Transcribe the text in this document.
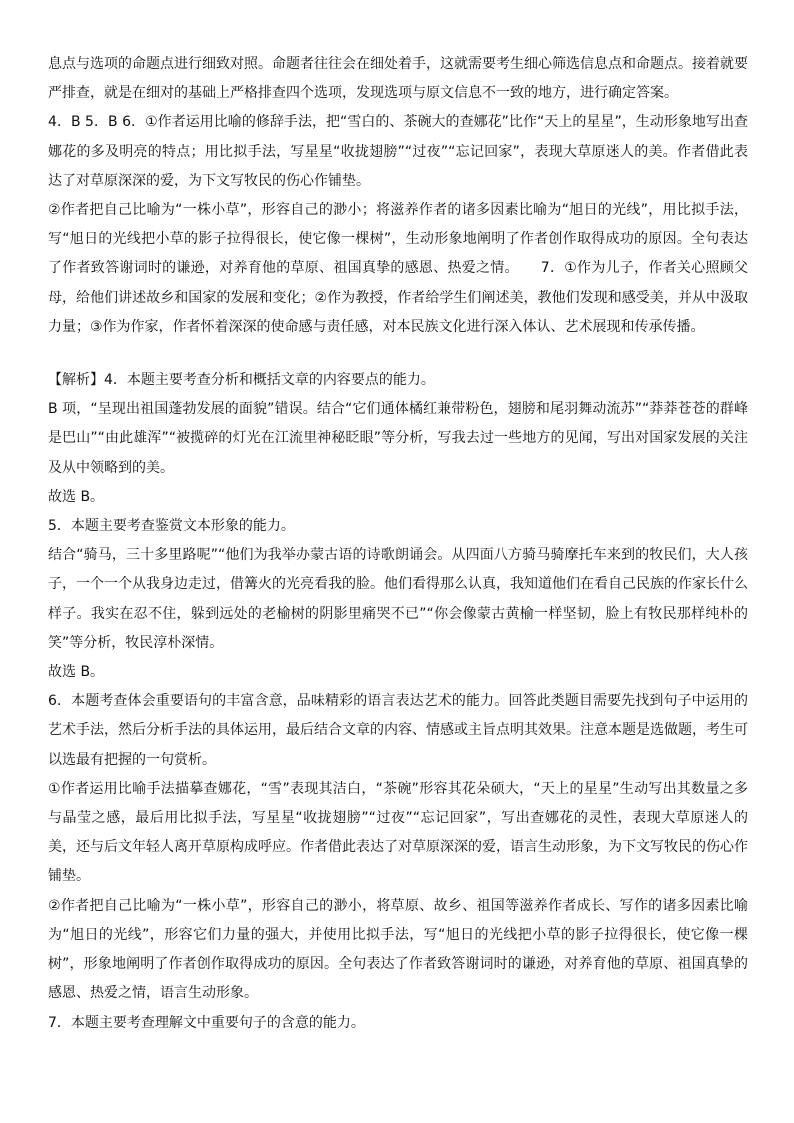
息点与选项的命题点进行细致对照。命题者往往会在细处着手，这就需要考生细心筛选信息点和命题点。接着就要严排查，就是在细对的基础上严格排查四个选项，发现选项与原文信息不一致的地方，进行确定答案。

4．B 5．B 6．①作者运用比喻的修辞手法，把“雪白的、茶碗大的查娜花”比作“天上的星星”，生动形象地写出查娜花的多及明亮的特点；用比拟手法，写星星“收拢翅膀”“过夜”“忘记回家”，表现大草原迷人的美。作者借此表达了对草原深深的爱，为下文写牧民的伤心作铺垫。

②作者把自己比喻为“一株小草”，形容自己的渺小；将滋养作者的诸多因素比喻为“旭日的光线”，用比拟手法，写“旭日的光线把小草的影子拉得很长，使它像一棵树”，生动形象地阐明了作者创作取得成功的原因。全句表达了作者致答谢词时的谦逊，对养育他的草原、祖国真挚的感恩、热爱之情。 7．①作为儿子，作者关心照顾父母，给他们讲述故乡和国家的发展和变化；②作为教授，作者给学生们阐述美，教他们发现和感受美，并从中汲取力量；③作为作家，作者怀着深深的使命感与责任感，对本民族文化进行深入体认、艺术展现和传承传播。

【解析】4．本题主要考查分析和概括文章的内容要点的能力。

B 项，“呈现出祖国蓬勃发展的面貌”错误。结合“它们通体橘红兼带粉色，翅膀和尾羽舞动流苏”“莽莽苍苍的群峰是巴山”“由此雄浑”“被揽碎的灯光在江流里神秘眨眼”等分析，写我去过一些地方的见闻，写出对国家发展的关注及从中领略到的美。

故选 B。

5．本题主要考查鉴赏文本形象的能力。

结合“骑马，三十多里路呢”“他们为我举办蒙古语的诗歌朗诵会。从四面八方骑马骑摩托车来到的牧民们，大人孩子，一个一个从我身边走过，借篝火的光亮看我的脸。他们看得那么认真，我知道他们在看自己民族的作家长什么样子。我实在忍不住，躲到远处的老榆树的阴影里痛哭不已”“你会像蒙古黄榆一样坚韧，脸上有牧民那样纯朴的笑”等分析，牧民淳朴深情。

故选 B。

6．本题考查体会重要语句的丰富含意，品味精彩的语言表达艺术的能力。回答此类题目需要先找到句子中运用的艺术手法，然后分析手法的具体运用，最后结合文章的内容、情感或主旨点明其效果。注意本题是选做题，考生可以选最有把握的一句赏析。

①作者运用比喻手法描摹查娜花，“雪”表现其洁白，“茶碗”形容其花朵硕大，“天上的星星”生动写出其数量之多与晶莹之感，最后用比拟手法，写星星“收拢翅膀”“过夜”“忘记回家”，写出查娜花的灵性，表现大草原迷人的美，还与后文年轻人离开草原构成呼应。作者借此表达了对草原深深的爱，语言生动形象，为下文写牧民的伤心作铺垫。

②作者把自己比喻为“一株小草”，形容自己的渺小，将草原、故乡、祖国等滋养作者成长、写作的诸多因素比喻为“旭日的光线”，形容它们力量的强大，并使用比拟手法，写“旭日的光线把小草的影子拉得很长，使它像一棵树”，形象地阐明了作者创作取得成功的原因。全句表达了作者致答谢词时的谦逊，对养育他的草原、祖国真挚的感恩、热爱之情，语言生动形象。

7．本题主要考查理解文中重要句子的含意的能力。
